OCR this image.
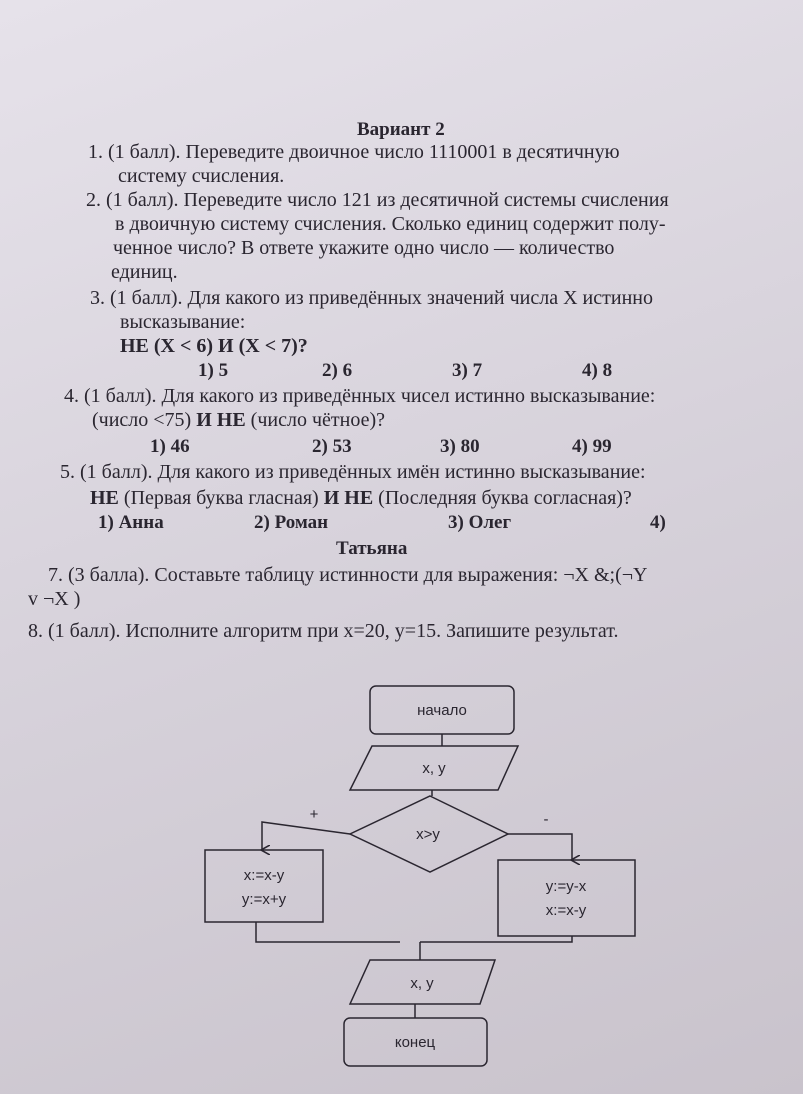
Вариант 2
1. (1 балл). Переведите двоичное число 1110001 в десятичную
систему счисления.
2. (1 балл). Переведите число 121 из десятичной системы счисления
в двоичную систему счисления. Сколько единиц содержит полу-
ченное число? В ответе укажите одно число — количество
единиц.
3. (1 балл). Для какого из приведённых значений числа X истинно
высказывание:
НЕ (X < 6) И (X < 7)?
1) 5	2) 6	3) 7	4) 8
4. (1 балл). Для какого из приведённых чисел истинно высказывание:
(число <75) И НЕ (число чётное)?
1) 46	2) 53	3) 80	4) 99
5. (1 балл). Для какого из приведённых имён истинно высказывание:
НЕ (Первая буква гласная) И НЕ (Последняя буква согласная)?
1) Анна	2) Роман	3) Олег	4)
Татьяна
7. (3 балла). Составьте таблицу истинности для выражения: ¬X &;(¬Y
v ¬X )
8. (1 балл). Исполните алгоритм при x=20, y=15. Запишите результат.
начало
x, y
x>y
+	-
x:=x-y
y:=x+y
y:=y-x
x:=x-y
x, y
конец
